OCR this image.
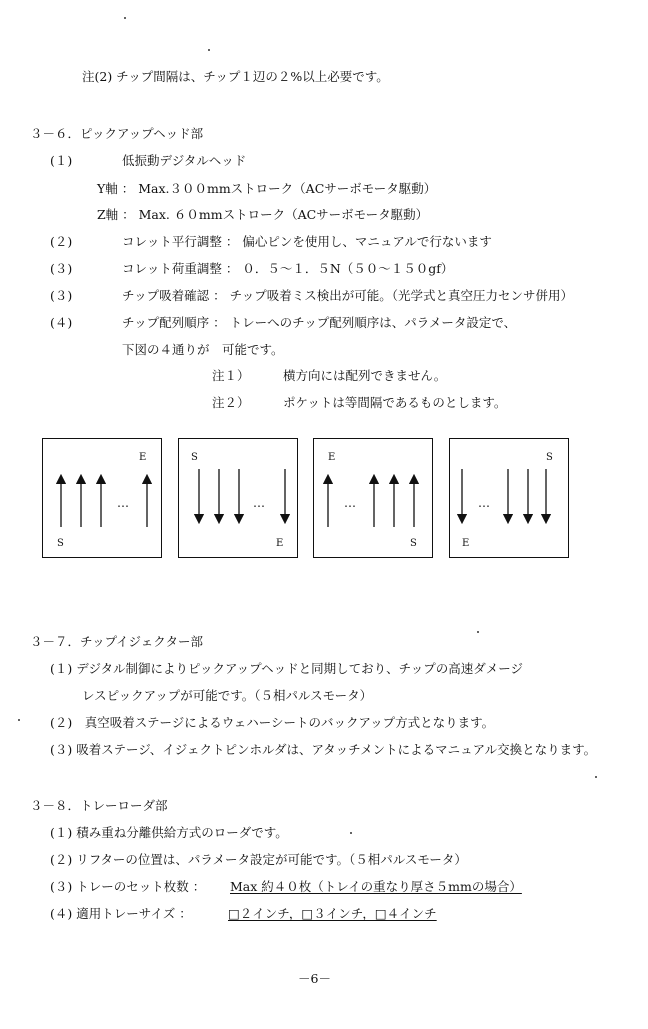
注(2) チップ間隔は、チップ１辺の２%以上必要です。
３－６．ピックアップヘッド部
(１)	低振動デジタルヘッド
Y軸 ： Max.３００mmストローク（ACサーボモータ駆動）
Z軸 ： Max. ６０mmストローク（ACサーボモータ駆動）
(２)	コレット平行調整 ： 偏心ピンを使用し、マニュアルで行ないます
(３)	コレット荷重調整 ： ０．５～１．５N（５０～１５０gf）
(３)	チップ吸着確認 ： チップ吸着ミス検出が可能。（光学式と真空圧力センサ併用）
(４)	チップ配列順序 ： トレーへのチップ配列順序は、パラメータ設定で、
下図の４通りが　可能です。
注１）	横方向には配列できません。
注２）	ポケットは等間隔であるものとします。
…
E
S
…
S
E
…
E
S
…
S
E
３－７．チップイジェクター部
(１) デジタル制御によりピックアップヘッドと同期しており、チップの高速ダメージ
レスピックアップが可能です。（５相パルスモータ）
(２)　真空吸着ステージによるウェハーシートのバックアップ方式となります。
(３) 吸着ステージ、イジェクトピンホルダは、アタッチメントによるマニュアル交換となります。
３－８．トレーローダ部
(１) 積み重ね分離供給方式のローダです。
(２) リフターの位置は、パラメータ設定が可能です。（５相パルスモータ）
(３) トレーのセット枚数 ： Max 約４０枚（トレイの重なり厚さ５mmの場合）
(４) 適用トレーサイズ ：	□２インチ，□３インチ，□４インチ
－6－
